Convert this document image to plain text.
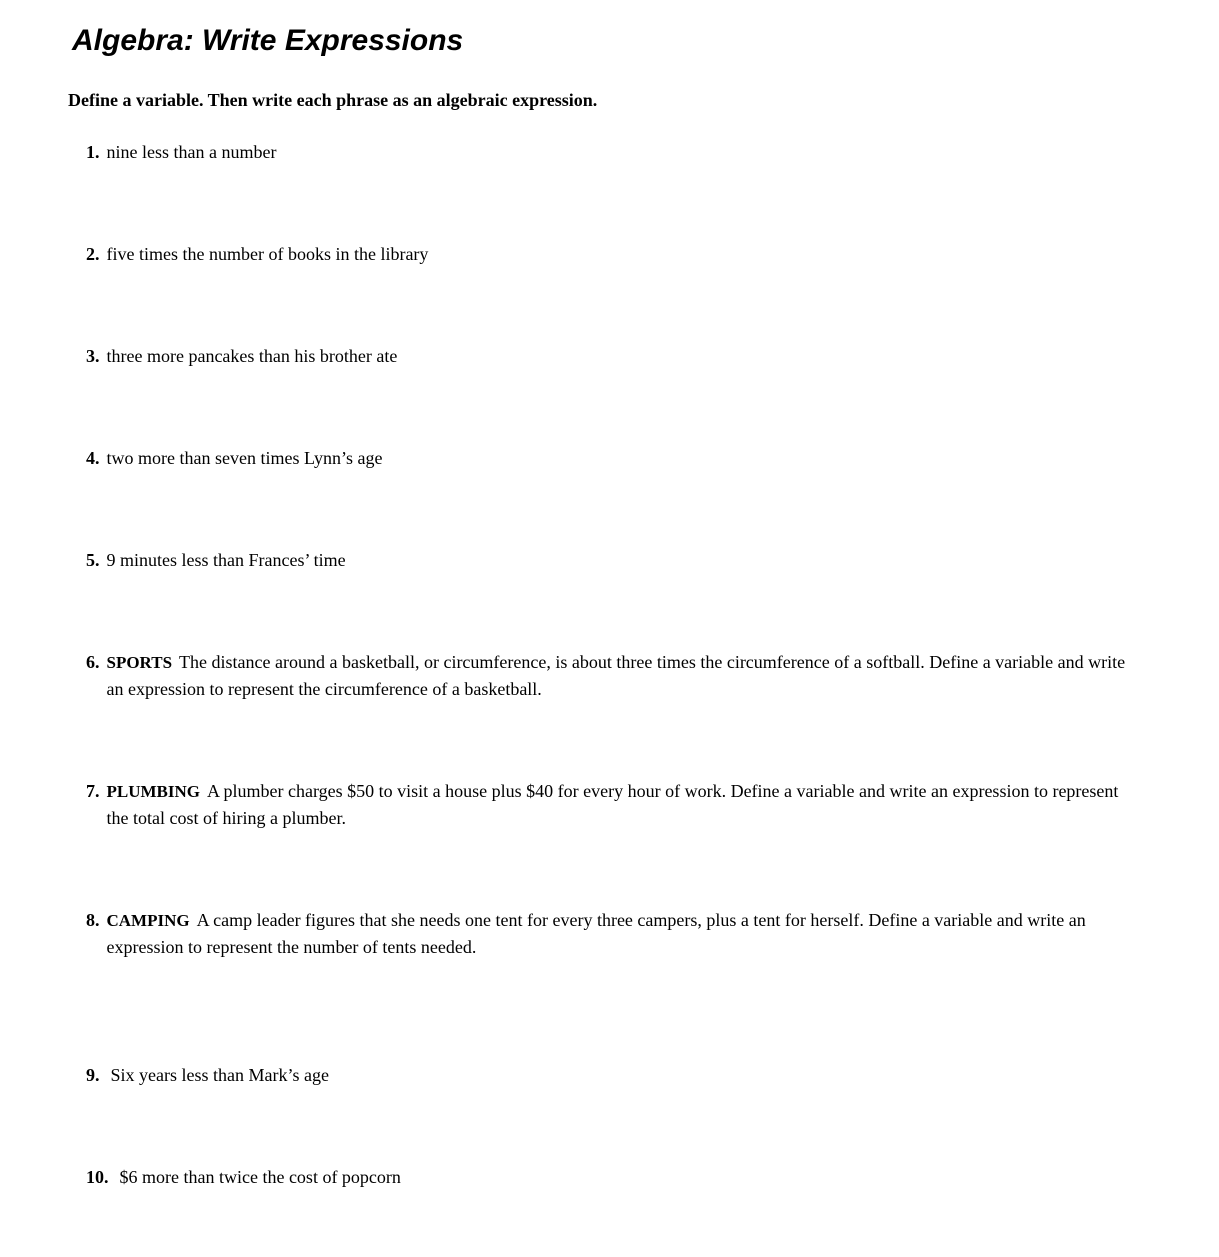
Algebra: Write Expressions

Define a variable. Then write each phrase as an algebraic expression.

1. nine less than a number

2. five times the number of books in the library

3. three more pancakes than his brother ate

4. two more than seven times Lynn’s age

5. 9 minutes less than Frances’ time

6. SPORTS The distance around a basketball, or circumference, is about three times the circumference of a softball. Define a variable and write an expression to represent the circumference of a basketball.

7. PLUMBING A plumber charges $50 to visit a house plus $40 for every hour of work. Define a variable and write an expression to represent the total cost of hiring a plumber.

8. CAMPING A camp leader figures that she needs one tent for every three campers, plus a tent for herself. Define a variable and write an expression to represent the number of tents needed.

9. Six years less than Mark’s age

10. $6 more than twice the cost of popcorn
